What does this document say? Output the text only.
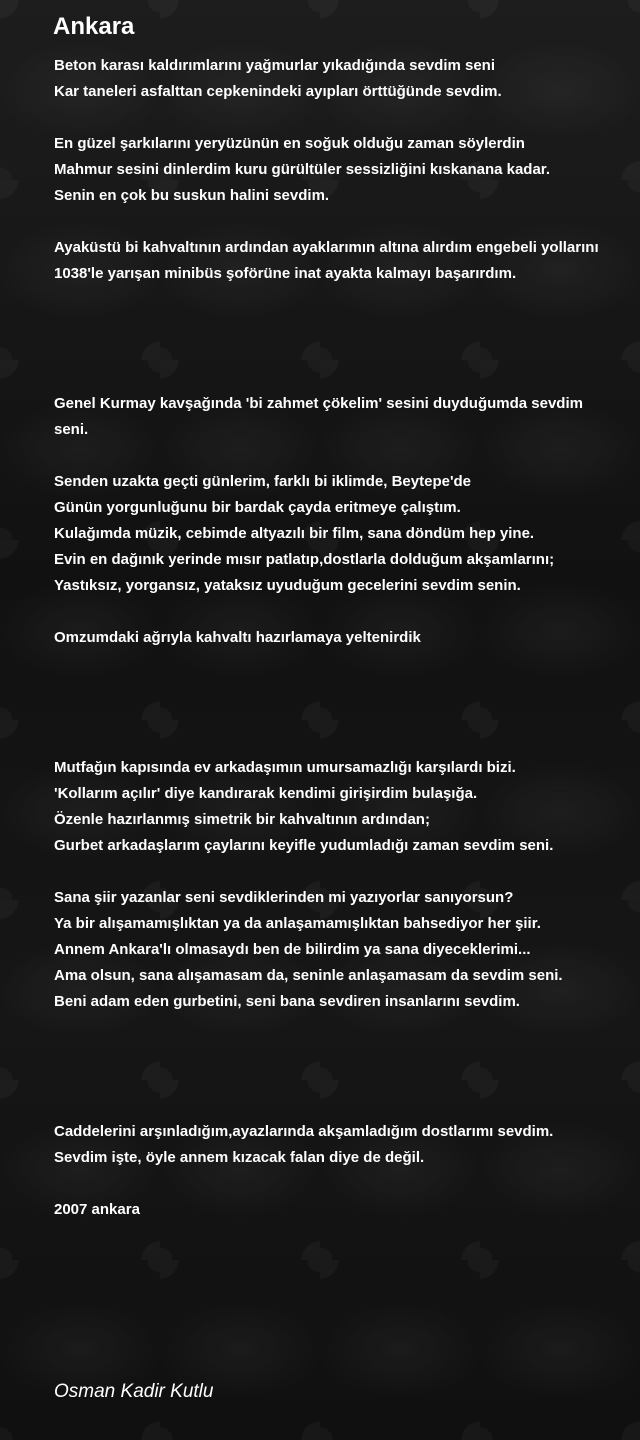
Ankara

Beton karası kaldırımlarını yağmurlar yıkadığında sevdim seni

Kar taneleri asfalttan cepkenindeki ayıpları örttüğünde sevdim.

En güzel şarkılarını yeryüzünün en soğuk olduğu zaman söylerdin

Mahmur sesini dinlerdim kuru gürültüler sessizliğini kıskanana kadar.

Senin en çok bu suskun halini sevdim.

Ayaküstü bi kahvaltının ardından ayaklarımın altına alırdım engebeli yollarını

1038'le yarışan minibüs şoförüne inat ayakta kalmayı başarırdım.

Genel Kurmay kavşağında 'bi zahmet çökelim' sesini duyduğumda sevdim seni.

Senden uzakta geçti günlerim, farklı bi iklimde, Beytepe'de

Günün yorgunluğunu bir bardak çayda eritmeye çalıştım.

Kulağımda müzik, cebimde altyazılı bir film, sana döndüm hep yine.

Evin en dağınık yerinde mısır patlatıp,dostlarla dolduğum akşamlarını;

Yastıksız, yorgansız, yataksız uyuduğum gecelerini sevdim senin.

Omzumdaki ağrıyla kahvaltı hazırlamaya yeltenirdik

Mutfağın kapısında ev arkadaşımın umursamazlığı karşılardı bizi.

'Kollarım açılır' diye kandırarak kendimi girişirdim bulaşığa.

Özenle hazırlanmış simetrik bir kahvaltının ardından;

Gurbet arkadaşlarım çaylarını keyifle yudumladığı zaman sevdim seni.

Sana şiir yazanlar seni sevdiklerinden mi yazıyorlar sanıyorsun?

Ya bir alışamamışlıktan ya da anlaşamamışlıktan bahsediyor her şiir.

Annem Ankara'lı olmasaydı ben de bilirdim ya sana diyeceklerimi...

Ama olsun, sana alışamasam da, seninle anlaşamasam da sevdim seni.

Beni adam eden gurbetini, seni bana sevdiren insanlarını sevdim.

Caddelerini arşınladığım,ayazlarında akşamladığım dostlarımı sevdim.

Sevdim işte, öyle annem kızacak falan diye de değil.

2007 ankara

Osman Kadir Kutlu
